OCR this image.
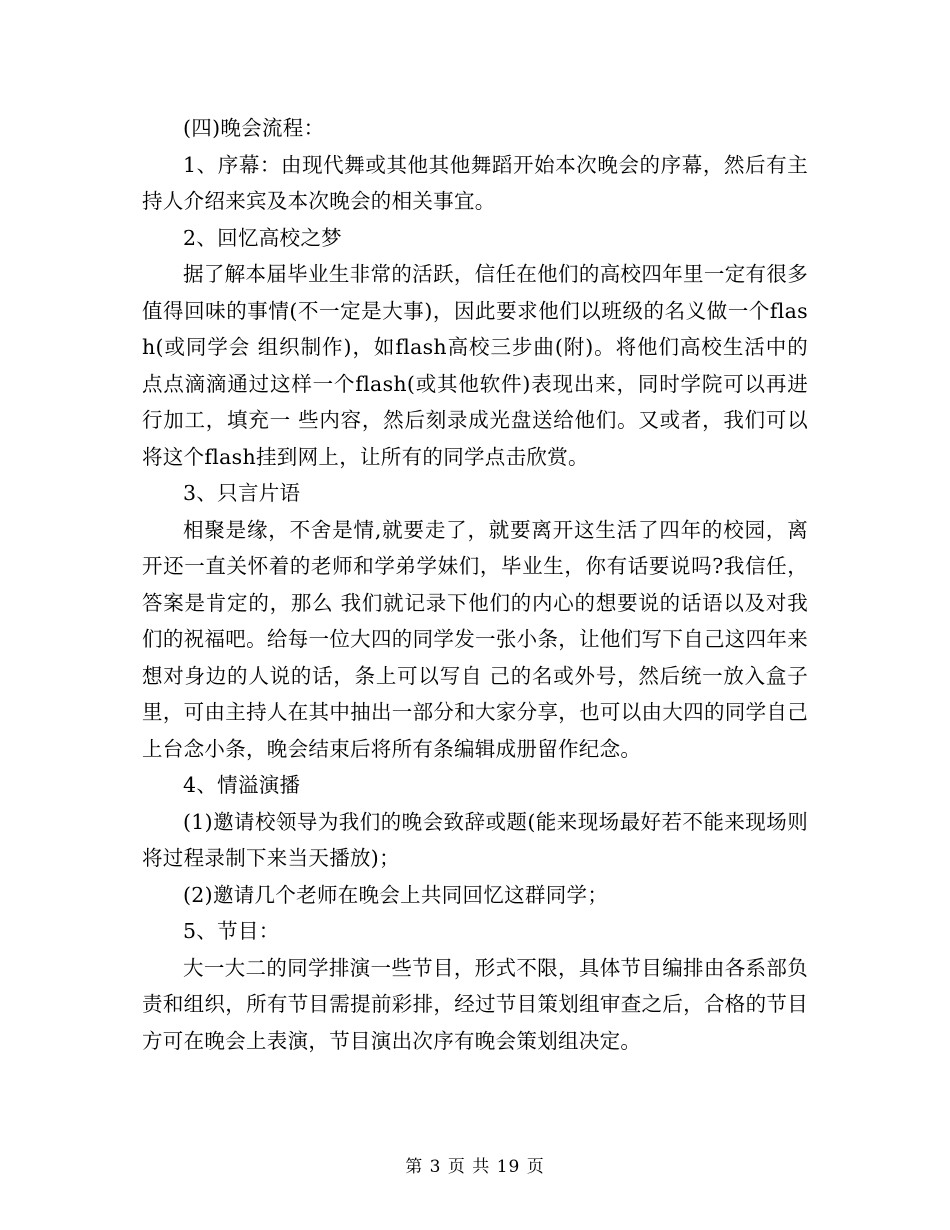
(四)晚会流程：

1、序幕：由现代舞或其他其他舞蹈开始本次晚会的序幕，然后有主持人介绍来宾及本次晚会的相关事宜。

2、回忆高校之梦

据了解本届毕业生非常的活跃，信任在他们的高校四年里一定有很多值得回味的事情(不一定是大事)，因此要求他们以班级的名义做一个flash(或同学会 组织制作)，如flash高校三步曲(附)。将他们高校生活中的点点滴滴通过这样一个flash(或其他软件)表现出来，同时学院可以再进行加工，填充一 些内容，然后刻录成光盘送给他们。又或者，我们可以将这个flash挂到网上，让所有的同学点击欣赏。

3、只言片语

相聚是缘，不舍是情,就要走了，就要离开这生活了四年的校园，离开还一直关怀着的老师和学弟学妹们，毕业生，你有话要说吗?我信任，答案是肯定的，那么 我们就记录下他们的内心的想要说的话语以及对我们的祝福吧。给每一位大四的同学发一张小条，让他们写下自己这四年来想对身边的人说的话，条上可以写自 己的名或外号，然后统一放入盒子里，可由主持人在其中抽出一部分和大家分享，也可以由大四的同学自己上台念小条，晚会结束后将所有条编辑成册留作纪念。

4、情溢演播

(1)邀请校领导为我们的晚会致辞或题(能来现场最好若不能来现场则将过程录制下来当天播放)；

(2)邀请几个老师在晚会上共同回忆这群同学；

5、节目：

大一大二的同学排演一些节目，形式不限，具体节目编排由各系部负责和组织，所有节目需提前彩排，经过节目策划组审查之后，合格的节目方可在晚会上表演，节目演出次序有晚会策划组决定。

第 3 页 共 19 页
